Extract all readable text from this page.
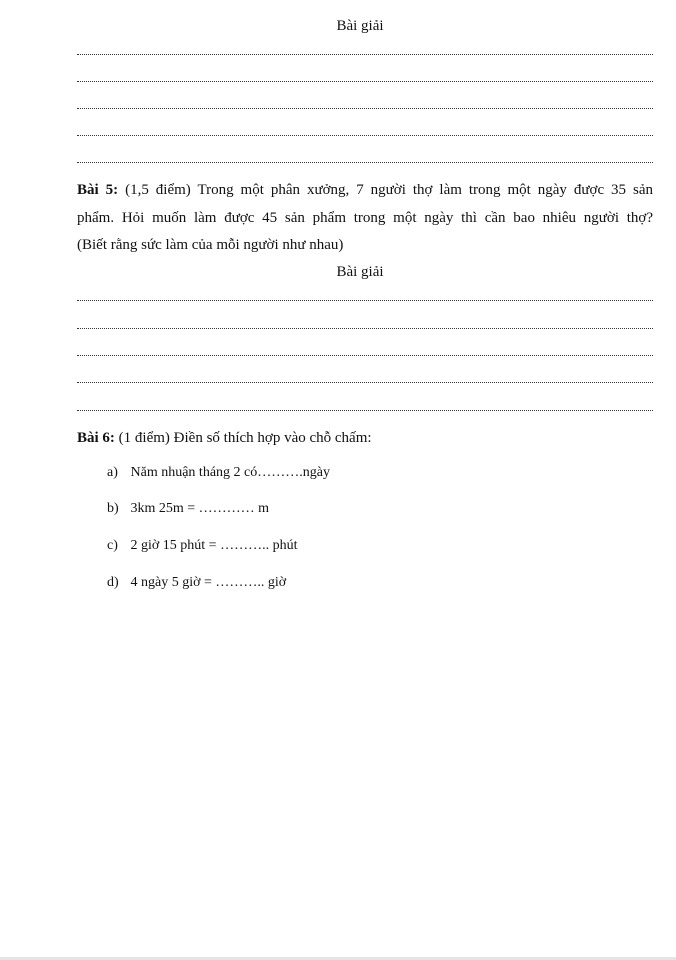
Bài giải
Bài 5: (1,5 điểm) Trong một phân xưởng, 7 người thợ làm trong một ngày được 35 sản
phẩm. Hỏi muốn làm được 45 sản phẩm trong một ngày thì cần bao nhiêu người thợ?
(Biết rằng sức làm của mỗi người như nhau)
Bài giải
Bài 6: (1 điểm) Điền số thích hợp vào chỗ chấm:
a) Năm nhuận tháng 2 có……….ngày
b) 3km 25m = ………… m
c) 2 giờ 15 phút = ……….. phút
d) 4 ngày 5 giờ = ……….. giờ
